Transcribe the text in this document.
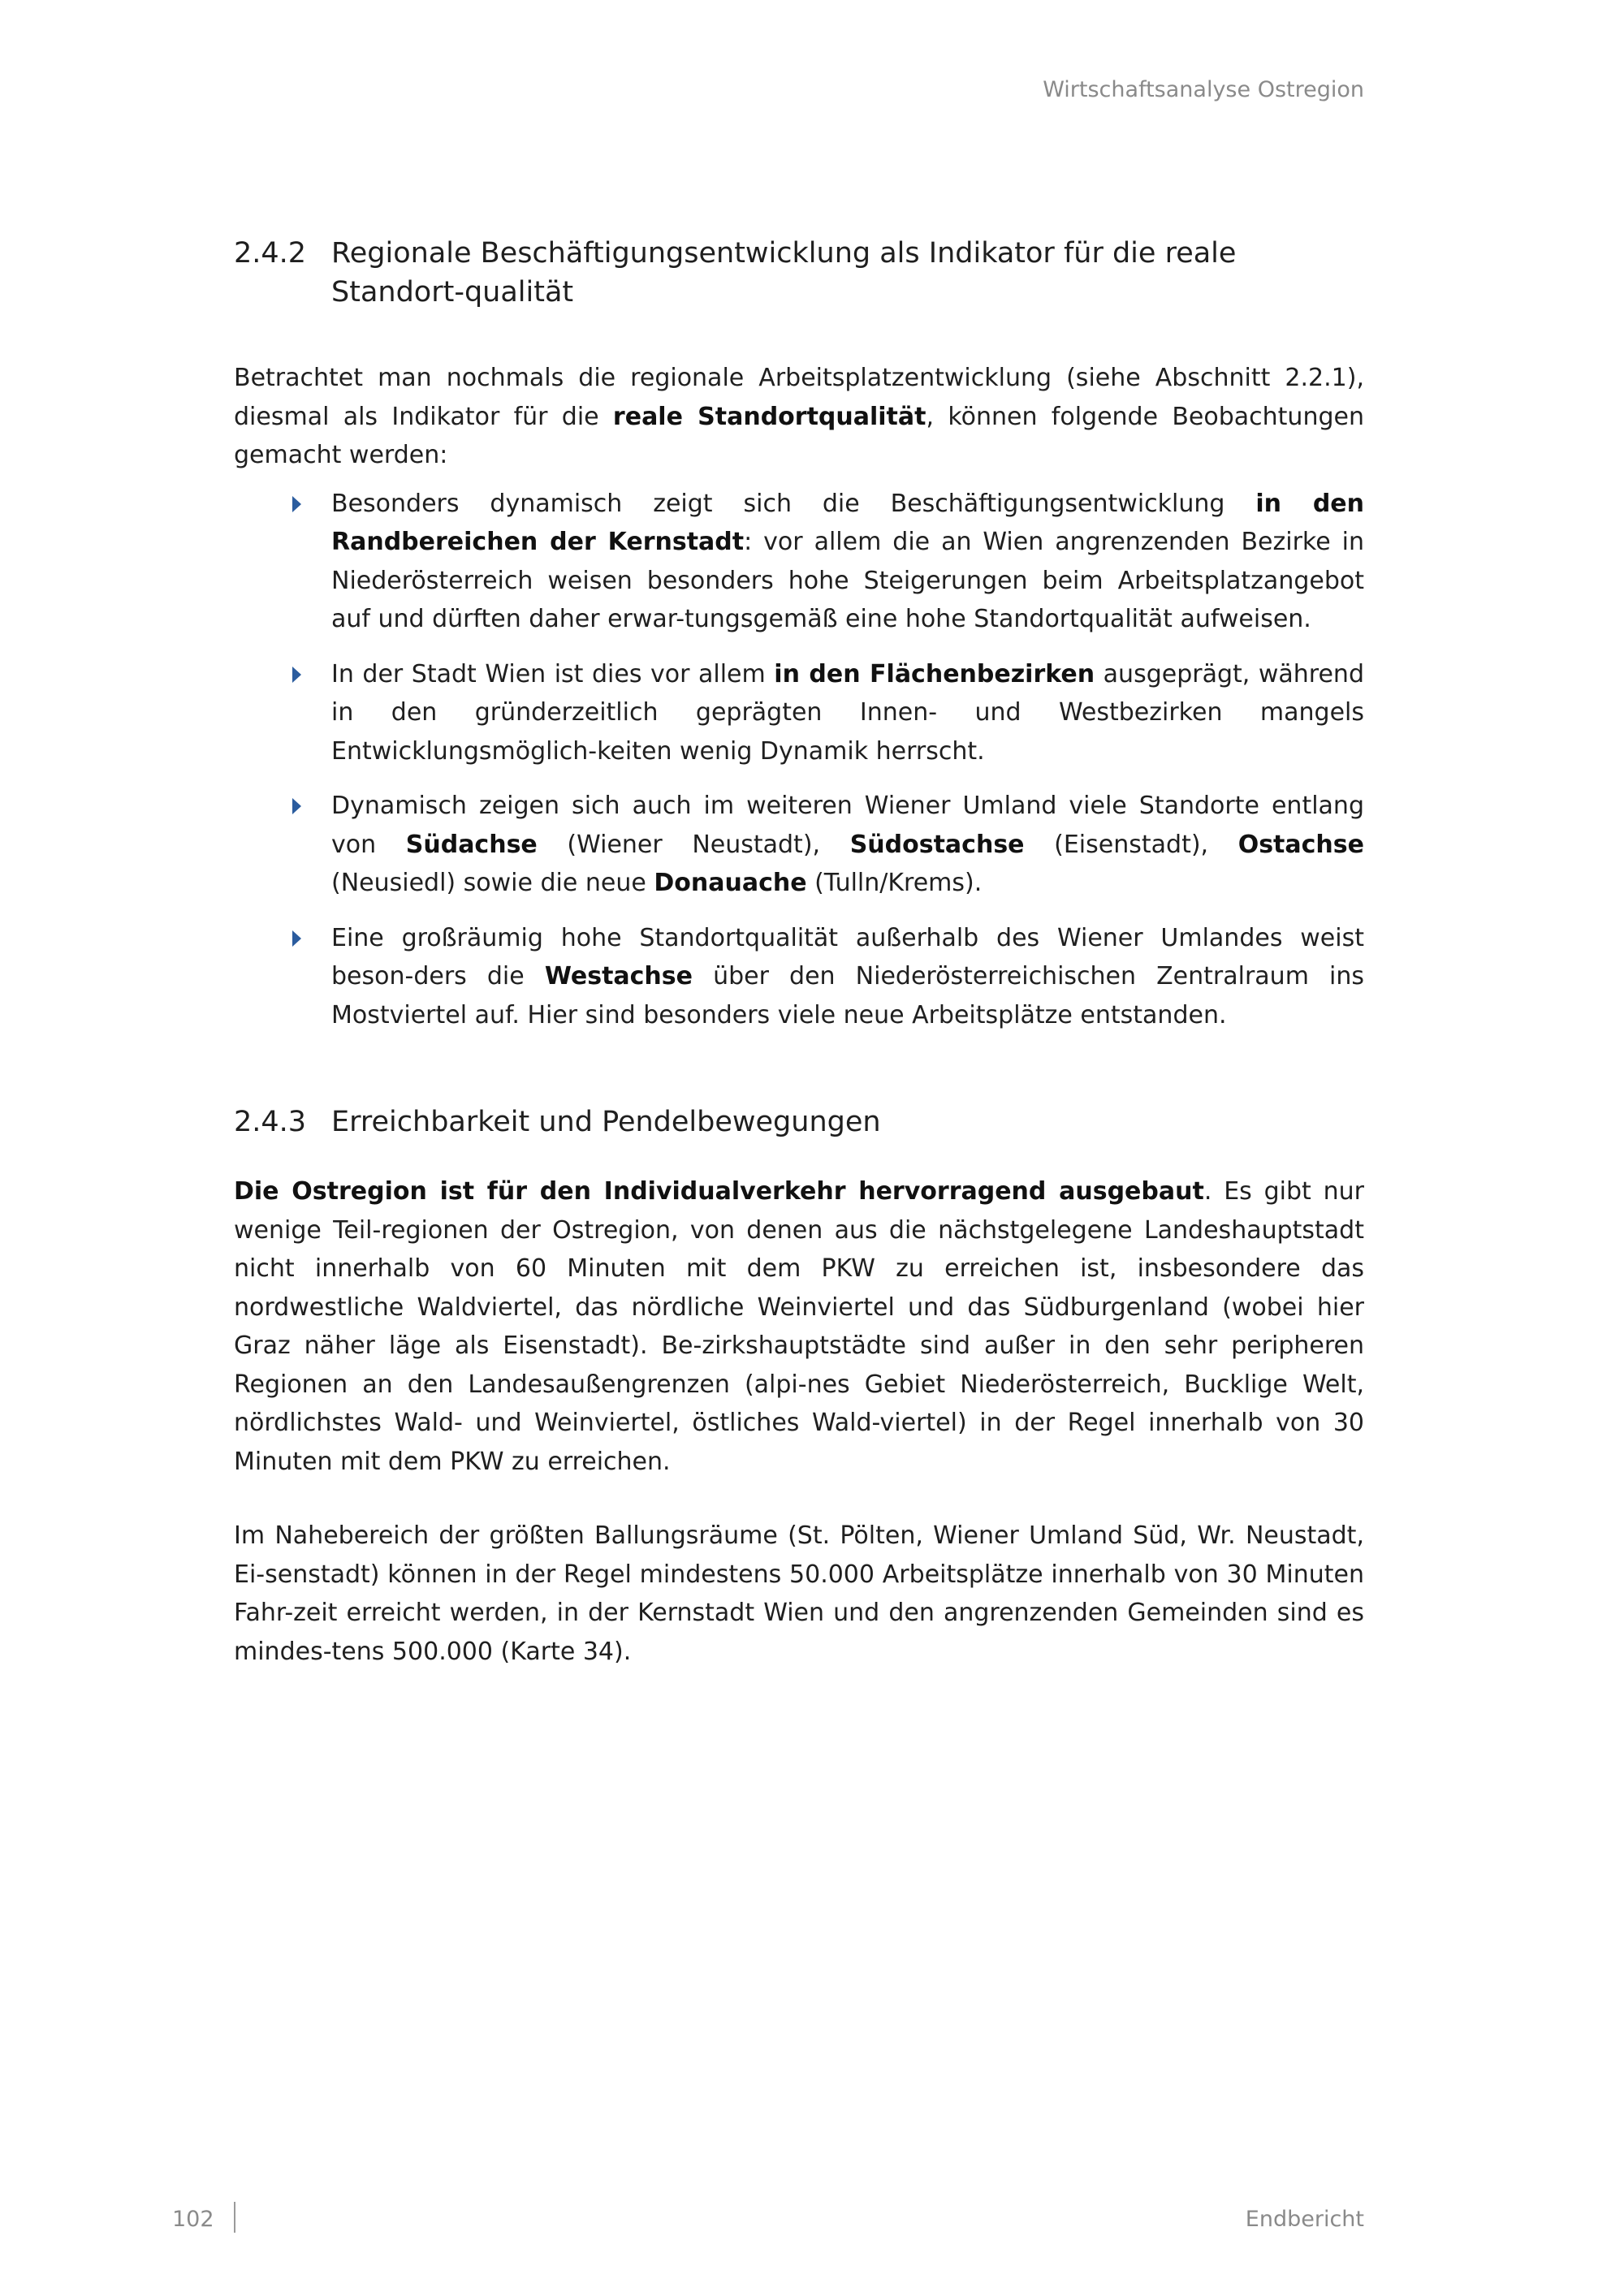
Wirtschaftsanalyse Ostregion
2.4.2 Regionale Beschäftigungsentwicklung als Indikator für die reale Standort-qualität

Betrachtet man nochmals die regionale Arbeitsplatzentwicklung (siehe Abschnitt 2.2.1), diesmal als Indikator für die reale Standortqualität, können folgende Beobachtungen gemacht werden:

Besonders dynamisch zeigt sich die Beschäftigungsentwicklung in den Randbereichen der Kernstadt: vor allem die an Wien angrenzenden Bezirke in Niederösterreich weisen besonders hohe Steigerungen beim Arbeitsplatzangebot auf und dürften daher erwar-tungsgemäß eine hohe Standortqualität aufweisen.
In der Stadt Wien ist dies vor allem in den Flächenbezirken ausgeprägt, während in den gründerzeitlich geprägten Innen- und Westbezirken mangels Entwicklungsmöglich-keiten wenig Dynamik herrscht.
Dynamisch zeigen sich auch im weiteren Wiener Umland viele Standorte entlang von Südachse (Wiener Neustadt), Südostachse (Eisenstadt), Ostachse (Neusiedl) sowie die neue Donauache (Tulln/Krems).
Eine großräumig hohe Standortqualität außerhalb des Wiener Umlandes weist beson-ders die Westachse über den Niederösterreichischen Zentralraum ins Mostviertel auf. Hier sind besonders viele neue Arbeitsplätze entstanden.
2.4.3 Erreichbarkeit und Pendelbewegungen

Die Ostregion ist für den Individualverkehr hervorragend ausgebaut. Es gibt nur wenige Teil-regionen der Ostregion, von denen aus die nächstgelegene Landeshauptstadt nicht innerhalb von 60 Minuten mit dem PKW zu erreichen ist, insbesondere das nordwestliche Waldviertel, das nördliche Weinviertel und das Südburgenland (wobei hier Graz näher läge als Eisenstadt). Be-zirkshauptstädte sind außer in den sehr peripheren Regionen an den Landesaußengrenzen (alpi-nes Gebiet Niederösterreich, Bucklige Welt, nördlichstes Wald- und Weinviertel, östliches Wald-viertel) in der Regel innerhalb von 30 Minuten mit dem PKW zu erreichen.

Im Nahebereich der größten Ballungsräume (St. Pölten, Wiener Umland Süd, Wr. Neustadt, Ei-senstadt) können in der Regel mindestens 50.000 Arbeitsplätze innerhalb von 30 Minuten Fahr-zeit erreicht werden, in der Kernstadt Wien und den angrenzenden Gemeinden sind es mindes-tens 500.000 (Karte 34).

102	Endbericht
